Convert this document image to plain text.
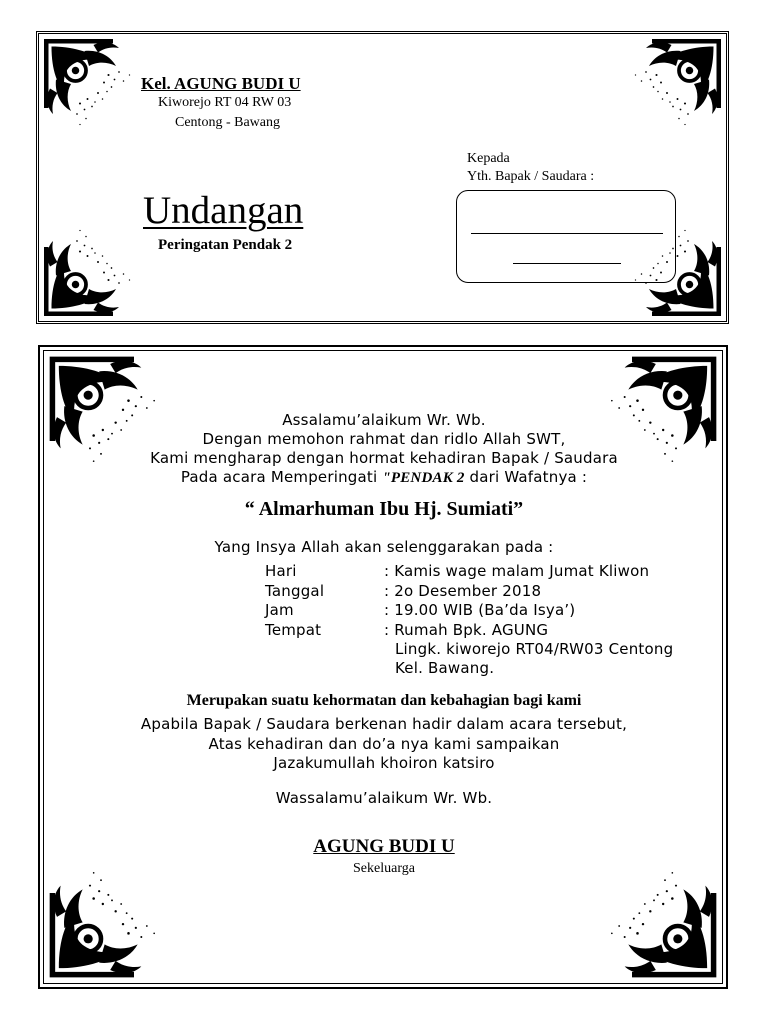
Kel. AGUNG BUDI U
Kiworejo RT 04 RW 03
Centong - Bawang
Undangan
Peringatan Pendak 2
Kepada
Yth. Bapak / Saudara :
Assalamu’alaikum Wr. Wb.
Dengan memohon rahmat dan ridlo Allah SWT,
Kami mengharap dengan hormat kehadiran Bapak / Saudara
Pada acara Memperingati "PENDAK 2 dari Wafatnya :
“ Almarhuman Ibu Hj. Sumiati”
Yang Insya Allah akan selenggarakan pada :
Hari	: Kamis wage malam Jumat Kliwon
Tanggal	: 2o Desember 2018
Jam	: 19.00 WIB (Ba’da Isya’)
Tempat	: Rumah Bpk. AGUNG
Lingk. kiworejo RT04/RW03 Centong
Kel. Bawang.
Merupakan suatu kehormatan dan kebahagian bagi kami
Apabila Bapak / Saudara berkenan hadir dalam acara tersebut,
Atas kehadiran dan do’a nya kami sampaikan
Jazakumullah khoiron katsiro
Wassalamu’alaikum Wr. Wb.
AGUNG BUDI U
Sekeluarga
